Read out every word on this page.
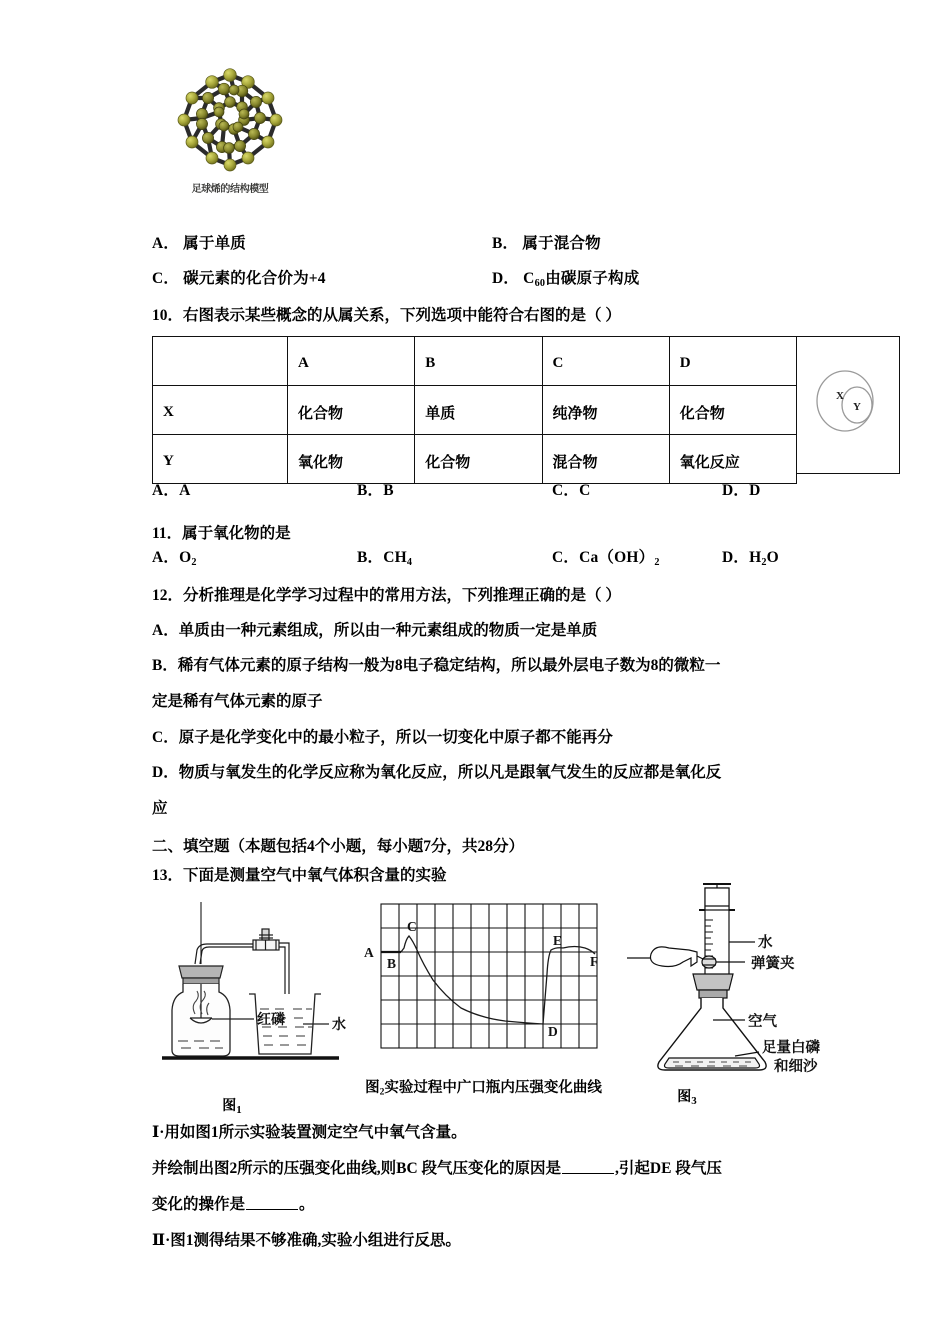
足球烯的结构模型
A． 属于单质	B． 属于混合物
C． 碳元素的化合价为+4	D． $C_{60}$由碳原子构成
10．右图表示某些概念的从属关系，下列选项中能符合右图的是（ ）
	A	B	C	D
X	化合物	单质	纯净物	化合物
Y	氧化物	化合物	混合物	氧化反应
X
Y
A．A	B．B	C．C	D．D
11．属于氧化物的是
A．$O_2$	B．$CH_4$	C．$Ca(OH)_2$	D．$H_2O$
12．分析推理是化学学习过程中的常用方法，下列推理正确的是（ ）
A．单质由一种元素组成，所以由一种元素组成的物质一定是单质
B．稀有气体元素的原子结构一般为8电子稳定结构，所以最外层电子数为8的微粒一
定是稀有气体元素的原子
C．原子是化学变化中的最小粒子，所以一切变化中原子都不能再分
D．物质与氧发生的化学反应称为氧化反应，所以凡是跟氧气发生的反应都是氧化反
应
二、填空题（本题包括4个小题，每小题7分，共28分）
13．下面是测量空气中氧气体积含量的实验
红磷	水
图$_1$
A
B
C
D
E
F
图$_2$实验过程中广口瓶内压强变化曲线
水
弹簧夹
空气
足量白磷
和细沙
图$_3$
Ⅰ·用如图1所示实验装置测定空气中氧气含量。
并绘制出图2所示的压强变化曲线,则BC 段气压变化的原因是	,引起DE 段气压
变化的操作是	。
Ⅱ·图1测得结果不够准确,实验小组进行反思。
